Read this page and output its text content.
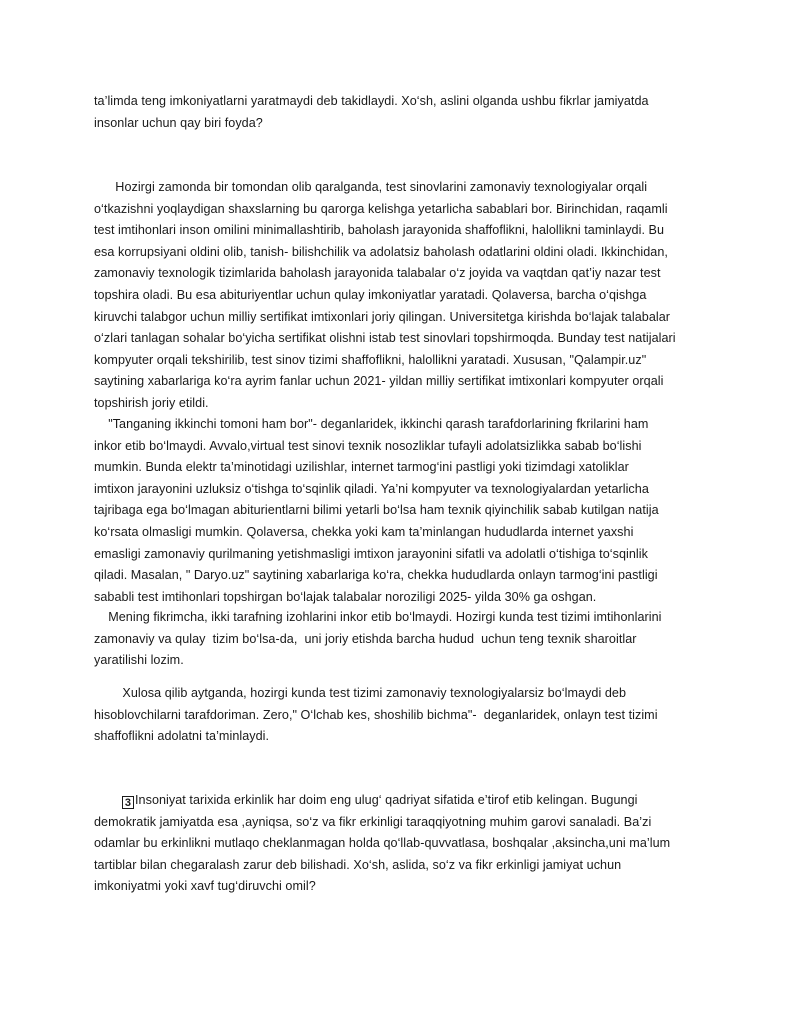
ta’limda teng imkoniyatlarni yaratmaydi deb takidlaydi. Xo‘sh, aslini olganda ushbu fikrlar jamiyatda
insonlar uchun qay biri foyda?
Hozirgi zamonda bir tomondan olib qaralganda, test sinovlarini zamonaviy texnologiyalar orqali
o‘tkazishni yoqlaydigan shaxslarning bu qarorga kelishga yetarlicha sabablari bor. Birinchidan, raqamli
test imtihonlari inson omilini minimallashtirib, baholash jarayonida shaffoflikni, halollikni taminlaydi. Bu
esa korrupsiyani oldini olib, tanish- bilishchilik va adolatsiz baholash odatlarini oldini oladi. Ikkinchidan,
zamonaviy texnologik tizimlarida baholash jarayonida talabalar o‘z joyida va vaqtdan qat’iy nazar test
topshira oladi. Bu esa abituriyentlar uchun qulay imkoniyatlar yaratadi. Qolaversa, barcha o‘qishga
kiruvchi talabgor uchun milliy sertifikat imtixonlari joriy qilingan. Universitetga kirishda bo‘lajak talabalar
o‘zlari tanlagan sohalar bo‘yicha sertifikat olishni istab test sinovlari topshirmoqda. Bunday test natijalari
kompyuter orqali tekshirilib, test sinov tizimi shaffoflikni, halollikni yaratadi. Xususan, "Qalampir.uz"
saytining xabarlariga ko‘ra ayrim fanlar uchun 2021- yildan milliy sertifikat imtixonlari kompyuter orqali
topshirish joriy etildi.
"Tanganing ikkinchi tomoni ham bor"- deganlaridek, ikkinchi qarash tarafdorlarining fkrilarini ham
inkor etib bo‘lmaydi. Avvalo,virtual test sinovi texnik nosozliklar tufayli adolatsizlikka sabab bo‘lishi
mumkin. Bunda elektr ta’minotidagi uzilishlar, internet tarmog‘ini pastligi yoki tizimdagi xatoliklar
imtixon jarayonini uzluksiz o‘tishga to‘sqinlik qiladi. Ya’ni kompyuter va texnologiyalardan yetarlicha
tajribaga ega bo‘lmagan abiturientlarni bilimi yetarli bo‘lsa ham texnik qiyinchilik sabab kutilgan natija
ko‘rsata olmasligi mumkin. Qolaversa, chekka yoki kam ta’minlangan hududlarda internet yaxshi
emasligi zamonaviy qurilmaning yetishmasligi imtixon jarayonini sifatli va adolatli o‘tishiga to‘sqinlik
qiladi. Masalan, " Daryo.uz" saytining xabarlariga ko‘ra, chekka hududlarda onlayn tarmog‘ini pastligi
sababli test imtihonlari topshirgan bo‘lajak talabalar noroziligi 2025- yilda 30% ga oshgan.
Mening fikrimcha, ikki tarafning izohlarini inkor etib bo‘lmaydi. Hozirgi kunda test tizimi imtihonlarini
zamonaviy va qulay  tizim bo‘lsa-da,  uni joriy etishda barcha hudud  uchun teng texnik sharoitlar
yaratilishi lozim.
Xulosa qilib aytganda, hozirgi kunda test tizimi zamonaviy texnologiyalarsiz bo‘lmaydi deb
hisoblovchilarni tarafdoriman. Zero," O‘lchab kes, shoshilib bichma"-  deganlaridek, onlayn test tizimi
shaffoflikni adolatni ta’minlaydi.
3 Insoniyat tarixida erkinlik har doim eng ulug‘ qadriyat sifatida e’tirof etib kelingan. Bugungi
demokratik jamiyatda esa ,ayniqsa, so‘z va fikr erkinligi taraqqiyotning muhim garovi sanaladi. Ba’zi
odamlar bu erkinlikni mutlaqo cheklanmagan holda qo‘llab-quvvatlasa, boshqalar ,aksincha,uni ma’lum
tartiblar bilan chegaralash zarur deb bilishadi. Xo‘sh, aslida, so‘z va fikr erkinligi jamiyat uchun
imkoniyatmi yoki xavf tug‘diruvchi omil?
